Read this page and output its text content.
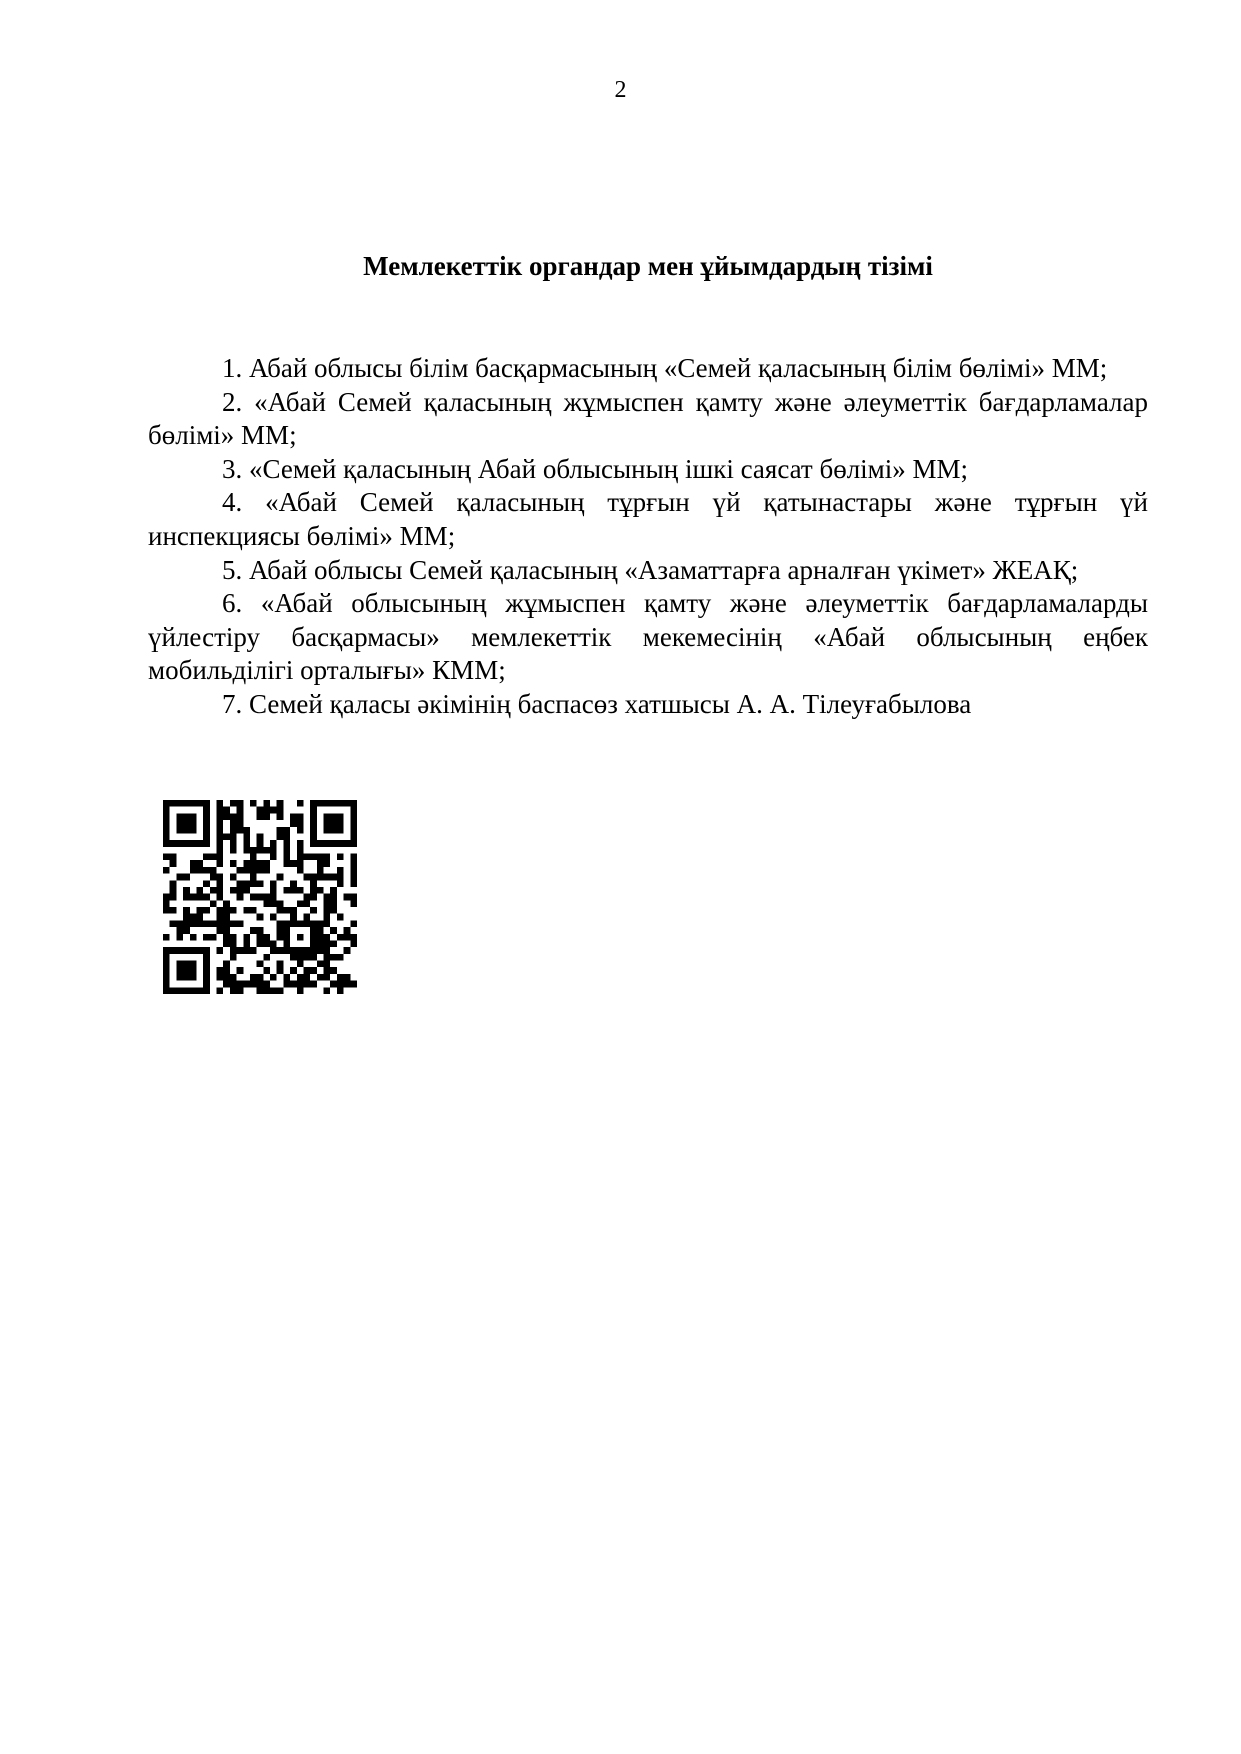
2
Мемлекеттік органдар мен ұйымдардың тізімі

1. Абай облысы білім басқармасының «Семей қаласының білім бөлімі» ММ;

2. «Абай Семей қаласының жұмыспен қамту және әлеуметтік бағдарламалар бөлімі» ММ;

3. «Семей қаласының Абай облысының ішкі саясат бөлімі» ММ;

4. «Абай Семей қаласының тұрғын үй қатынастары және тұрғын үй инспекциясы бөлімі» ММ;

5. Абай облысы Семей қаласының «Азаматтарға арналған үкімет» ЖЕАҚ;

6. «Абай облысының жұмыспен қамту және әлеуметтік бағдарламаларды үйлестіру басқармасы» мемлекеттік мекемесінің «Абай облысының еңбек мобильділігі орталығы» КММ;

7. Семей қаласы әкімінің баспасөз хатшысы А. А. Тілеуғабылова
